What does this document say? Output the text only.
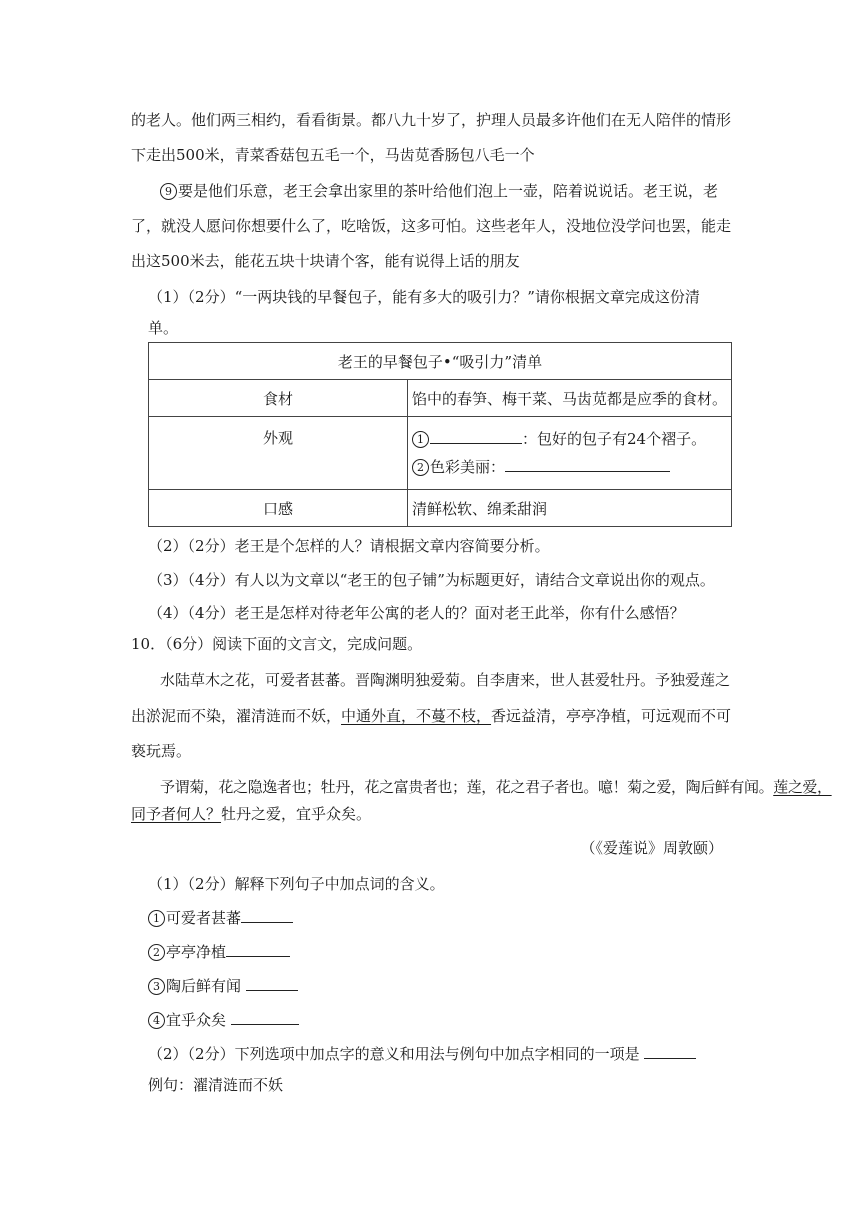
的老人。他们两三相约，看看街景。都八九十岁了，护理人员最多许他们在无人陪伴的情形
下走出500米，青菜香菇包五毛一个，马齿苋香肠包八毛一个
9 要是他们乐意，老王会拿出家里的茶叶给他们泡上一壶，陪着说说话。老王说，老
了，就没人愿问你想要什么了，吃啥饭，这多可怕。这些老年人，没地位没学问也罢，能走
出这500米去，能花五块十块请个客，能有说得上话的朋友
（1）（2分）“一两块钱的早餐包子，能有多大的吸引力？”请你根据文章完成这份清
单。
老王的早餐包子•“吸引力”清单	
食材	馅中的春笋、梅干菜、马齿苋都是应季的食材。
外观	1 ：包好的包子有24个褶子。
2 色彩美丽：

口感	清鲜松软、绵柔甜润
（2）（2分）老王是个怎样的人？请根据文章内容简要分析。
（3）（4分）有人以为文章以“老王的包子铺”为标题更好，请结合文章说出你的观点。
（4）（4分）老王是怎样对待老年公寓的老人的？面对老王此举，你有什么感悟？
10．（6分）阅读下面的文言文，完成问题。
水陆草木之花，可爱者甚蕃。晋陶渊明独爱菊。自李唐来，世人甚爱牡丹。予独爱莲之
出淤泥而不染，濯清涟而不妖，中通外直，不蔓不枝，香远益清，亭亭净植，可远观而不可
亵玩焉。
予谓菊，花之隐逸者也；牡丹，花之富贵者也；莲，花之君子者也。噫！菊之爱，陶后鲜有闻。莲之爱，
同予者何人？牡丹之爱，宜乎众矣。
（《爱莲说》周敦颐）
（1）（2分）解释下列句子中加点词的含义。
1 可爱者甚蕃
2 亭亭净植
3 陶后鲜有闻
4 宜乎众矣
（2）（2分）下列选项中加点字的意义和用法与例句中加点字相同的一项是
例句：濯清涟而不妖
